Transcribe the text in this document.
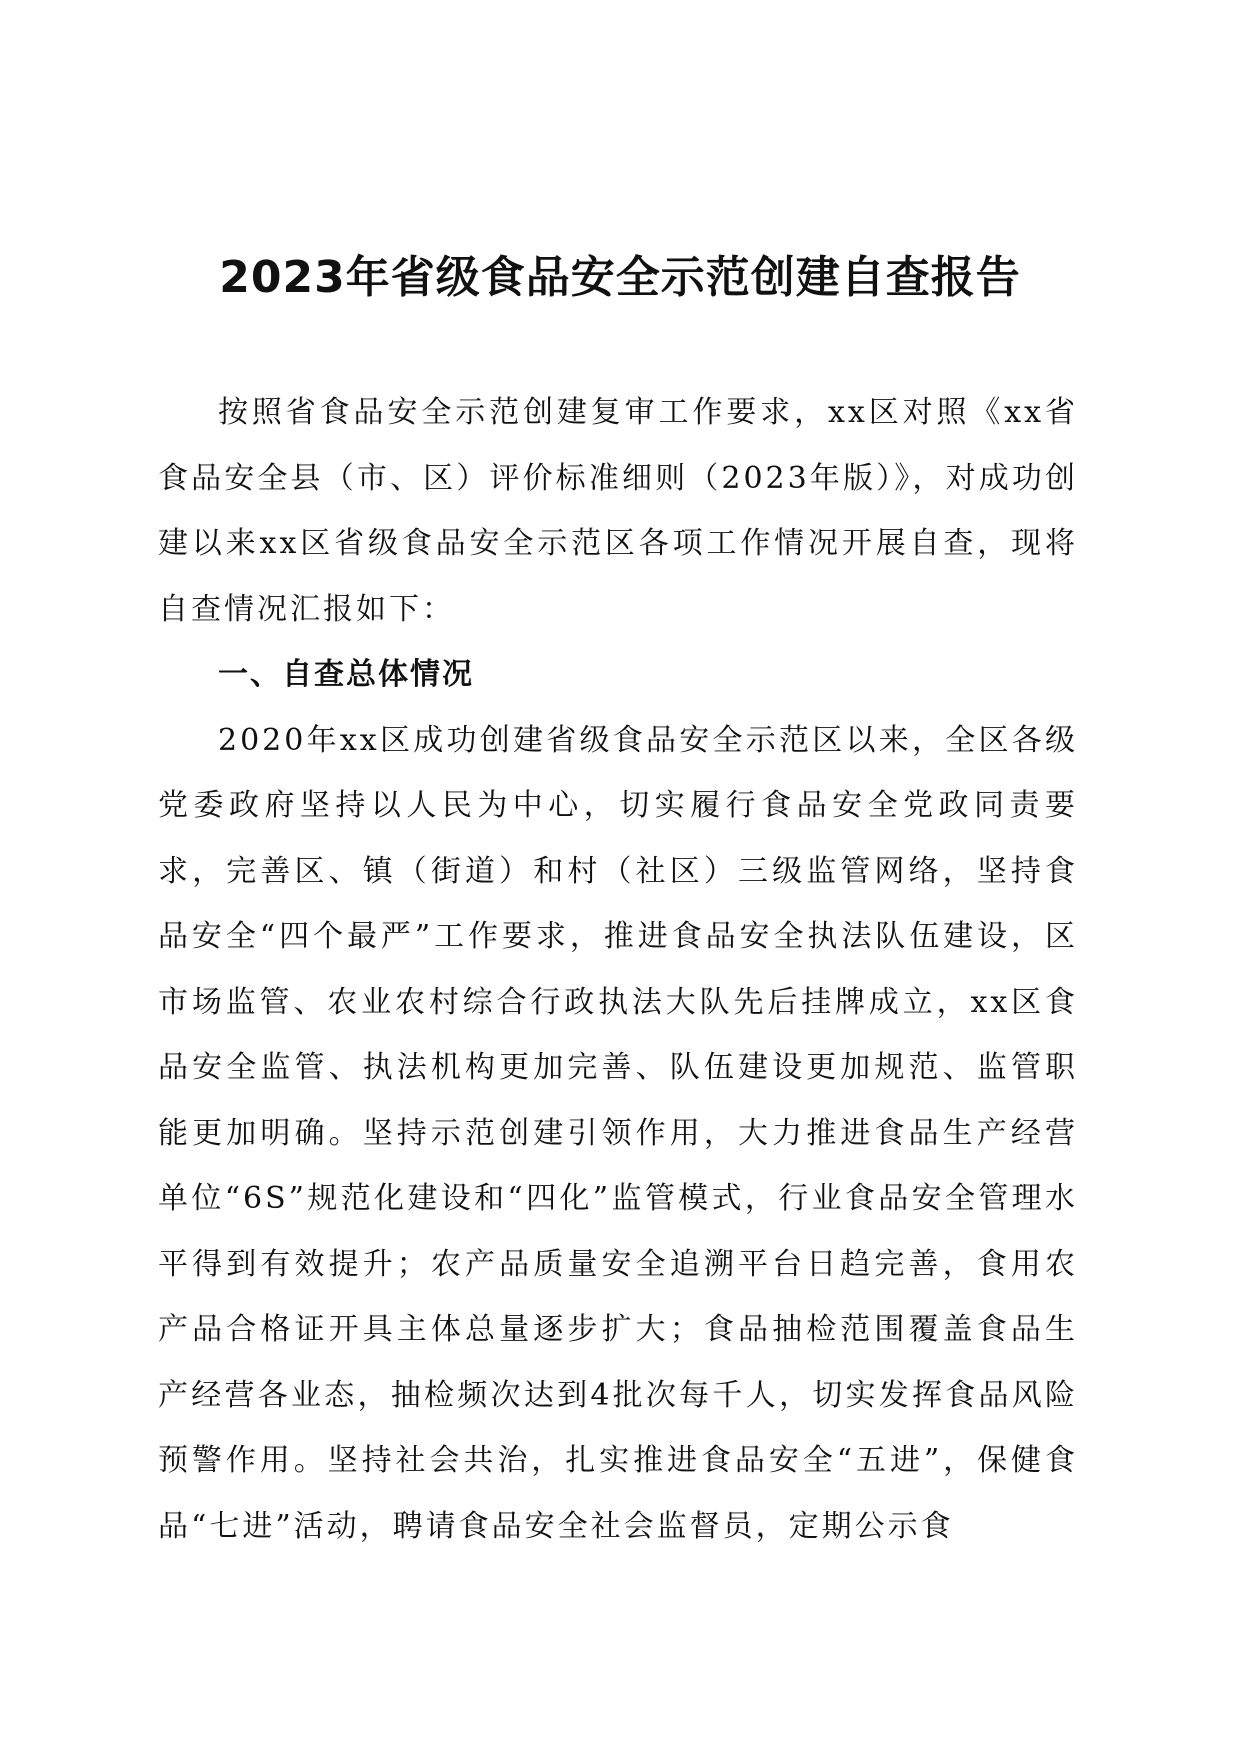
2023年省级食品安全示范创建自查报告

按照省食品安全示范创建复审工作要求，xx区对照《xx省食品安全县（市、区）评价标准细则（2023年版）》，对成功创建以来xx区省级食品安全示范区各项工作情况开展自查，现将自查情况汇报如下：

一、自查总体情况

2020年xx区成功创建省级食品安全示范区以来，全区各级党委政府坚持以人民为中心，切实履行食品安全党政同责要求，完善区、镇（街道）和村（社区）三级监管网络，坚持食品安全“四个最严”工作要求，推进食品安全执法队伍建设，区市场监管、农业农村综合行政执法大队先后挂牌成立，xx区食品安全监管、执法机构更加完善、队伍建设更加规范、监管职能更加明确。坚持示范创建引领作用，大力推进食品生产经营单位“6S”规范化建设和“四化”监管模式，行业食品安全管理水平得到有效提升；农产品质量安全追溯平台日趋完善，食用农产品合格证开具主体总量逐步扩大；食品抽检范围覆盖食品生产经营各业态，抽检频次达到4批次每千人，切实发挥食品风险预警作用。坚持社会共治，扎实推进食品安全“五进”，保健食品“七进”活动，聘请食品安全社会监督员，定期公示食
